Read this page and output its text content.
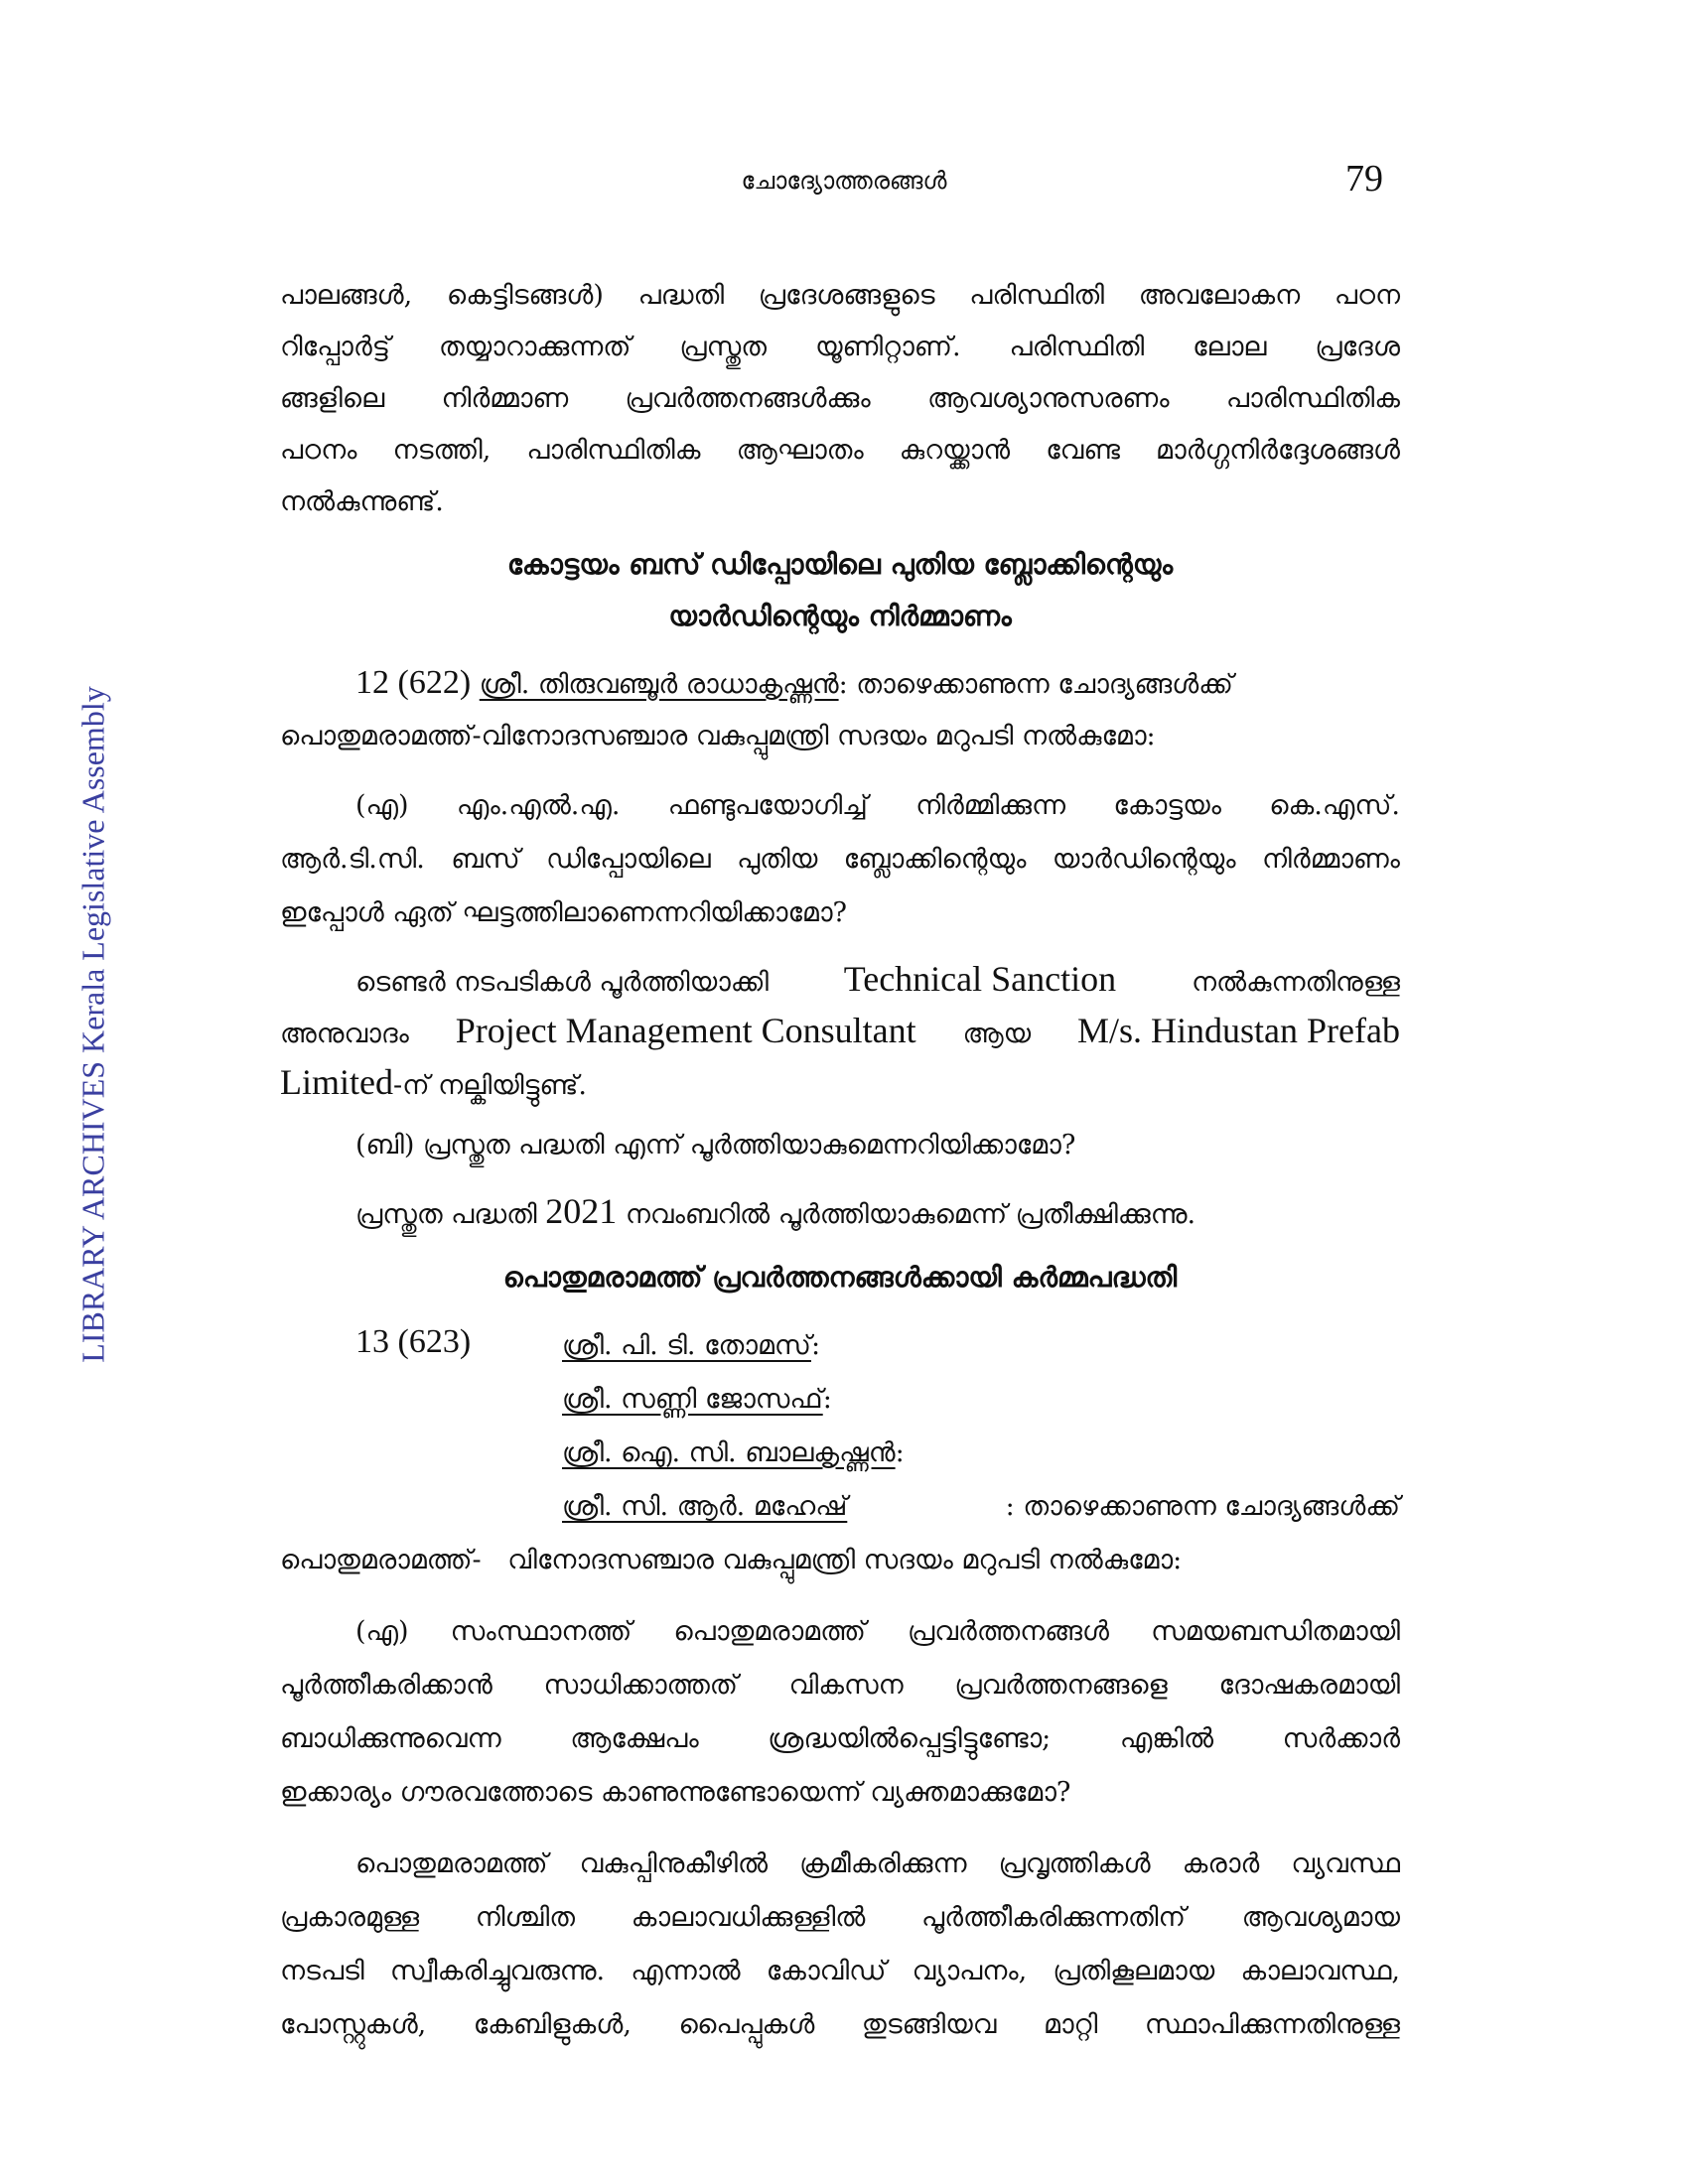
ചോദ്യോത്തരങ്ങൾ	79
LIBRARY ARCHIVES Kerala Legislative Assembly
പാലങ്ങൾ, കെട്ടിടങ്ങൾ) പദ്ധതി പ്രദേശങ്ങളുടെ പരിസ്ഥിതി അവലോകന പഠന
റിപ്പോർട്ട് തയ്യാറാക്കുന്നത് പ്രസ്തുത യൂണിറ്റാണ്. പരിസ്ഥിതി ലോല പ്രദേശ
ങ്ങളിലെ നിർമ്മാണ പ്രവർത്തനങ്ങൾക്കും ആവശ്യാനുസരണം പാരിസ്ഥിതിക
പഠനം നടത്തി, പാരിസ്ഥിതിക ആഘാതം കുറയ്ക്കാൻ വേണ്ട മാർഗ്ഗനിർദ്ദേശങ്ങൾ
നൽകുന്നുണ്ട്.
കോട്ടയം ബസ് ഡിപ്പോയിലെ പുതിയ ബ്ലോക്കിന്റെയും
യാർഡിന്റെയും നിർമ്മാണം
12 (622) ശ്രീ. തിരുവഞ്ചൂർ രാധാകൃഷ്ണൻ: താഴെക്കാണുന്ന ചോദ്യങ്ങൾക്ക്
പൊതുമരാമത്ത്-വിനോദസഞ്ചാര വകുപ്പുമന്ത്രി സദയം മറുപടി നൽകുമോ:
(എ) എം.എൽ.എ. ഫണ്ടുപയോഗിച്ച് നിർമ്മിക്കുന്ന കോട്ടയം കെ.എസ്.
ആർ.ടി.സി. ബസ് ഡിപ്പോയിലെ പുതിയ ബ്ലോക്കിന്റെയും യാർഡിന്റെയും നിർമ്മാണം
ഇപ്പോൾ ഏത് ഘട്ടത്തിലാണെന്നറിയിക്കാമോ?
ടെണ്ടർ നടപടികൾ പൂർത്തിയാക്കി Technical Sanction	നൽകുന്നതിനുള്ള
അനുവാദം Project Management Consultant ആയ M/s. Hindustan Prefab
Limited-ന് നല്കിയിട്ടുണ്ട്.
(ബി) പ്രസ്തുത പദ്ധതി എന്ന് പൂർത്തിയാകുമെന്നറിയിക്കാമോ?
പ്രസ്തുത പദ്ധതി 2021 നവംബറിൽ പൂർത്തിയാകുമെന്ന് പ്രതീക്ഷിക്കുന്നു.
പൊതുമരാമത്ത് പ്രവർത്തനങ്ങൾക്കായി കർമ്മപദ്ധതി
13 (623)	ശ്രീ. പി. ടി. തോമസ്:
ശ്രീ. സണ്ണി ജോസഫ്:
ശ്രീ. ഐ. സി. ബാലകൃഷ്ണൻ:
ശ്രീ. സി. ആർ. മഹേഷ്	: താഴെക്കാണുന്ന ചോദ്യങ്ങൾക്ക്
പൊതുമരാമത്ത്- വിനോദസഞ്ചാര വകുപ്പുമന്ത്രി സദയം മറുപടി നൽകുമോ:
(എ) സംസ്ഥാനത്ത് പൊതുമരാമത്ത് പ്രവർത്തനങ്ങൾ സമയബന്ധിതമായി
പൂർത്തീകരിക്കാൻ സാധിക്കാത്തത് വികസന പ്രവർത്തനങ്ങളെ ദോഷകരമായി
ബാധിക്കുന്നുവെന്ന ആക്ഷേപം ശ്രദ്ധയിൽപ്പെട്ടിട്ടുണ്ടോ; എങ്കിൽ സർക്കാർ
ഇക്കാര്യം ഗൗരവത്തോടെ കാണുന്നുണ്ടോയെന്ന് വ്യക്തമാക്കുമോ?
പൊതുമരാമത്ത് വകുപ്പിനുകീഴിൽ ക്രമീകരിക്കുന്ന പ്രവൃത്തികൾ കരാർ വ്യവസ്ഥ
പ്രകാരമുള്ള നിശ്ചിത കാലാവധിക്കുള്ളിൽ പൂർത്തീകരിക്കുന്നതിന് ആവശ്യമായ
നടപടി സ്വീകരിച്ചുവരുന്നു. എന്നാൽ കോവിഡ് വ്യാപനം, പ്രതികൂലമായ കാലാവസ്ഥ,
പോസ്റ്റുകൾ, കേബിളുകൾ, പൈപ്പുകൾ തുടങ്ങിയവ മാറ്റി സ്ഥാപിക്കുന്നതിനുള്ള
